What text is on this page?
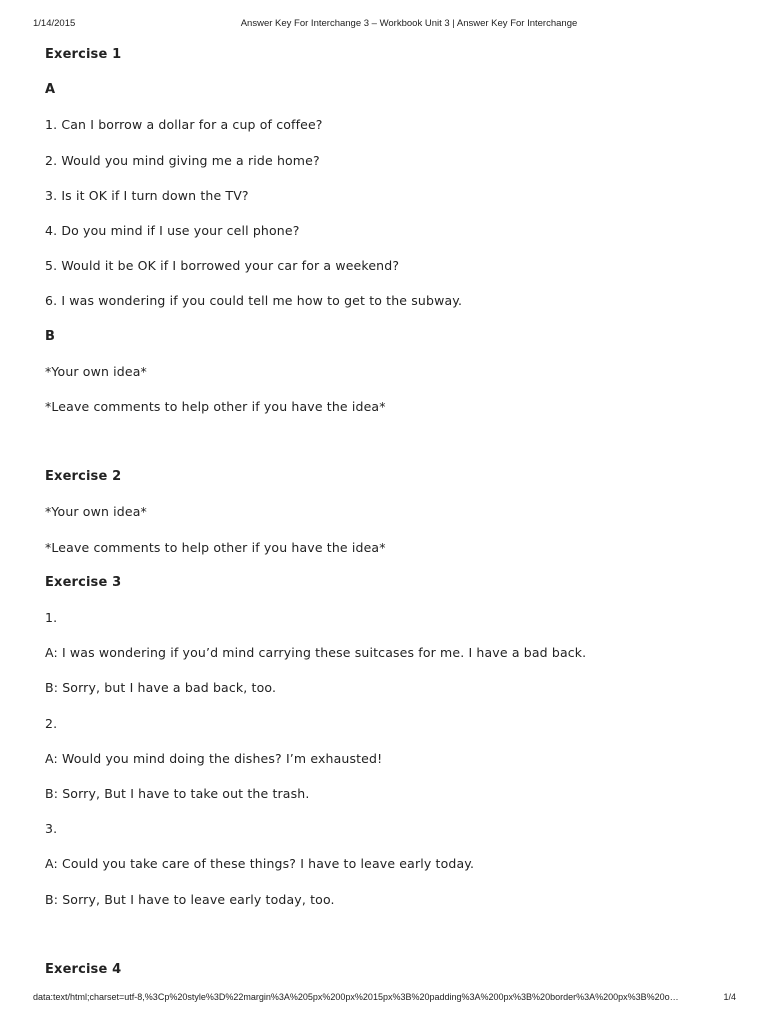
1/14/2015	Answer Key For Interchange 3 – Workbook Unit 3 | Answer Key For Interchange
Exercise 1
A
1. Can I borrow a dollar for a cup of coffee?
2. Would you mind giving me a ride home?
3. Is it OK if I turn down the TV?
4. Do you mind if I use your cell phone?
5. Would it be OK if I borrowed your car for a weekend?
6. I was wondering if you could tell me how to get to the subway.
B
*Your own idea*
*Leave comments to help other if you have the idea*
Exercise 2
*Your own idea*
*Leave comments to help other if you have the idea*
Exercise 3
1.
A: I was wondering if you’d mind carrying these suitcases for me. I have a bad back.
B: Sorry, but I have a bad back, too.
2.
A: Would you mind doing the dishes? I’m exhausted!
B: Sorry, But I have to take out the trash.
3.
A: Could you take care of these things? I have to leave early today.
B: Sorry, But I have to leave early today, too.
Exercise 4
data:text/html;charset=utf-8,%3Cp%20style%3D%22margin%3A%205px%200px%2015px%3B%20padding%3A%200px%3B%20border%3A%200px%3B%20o…	1/4
